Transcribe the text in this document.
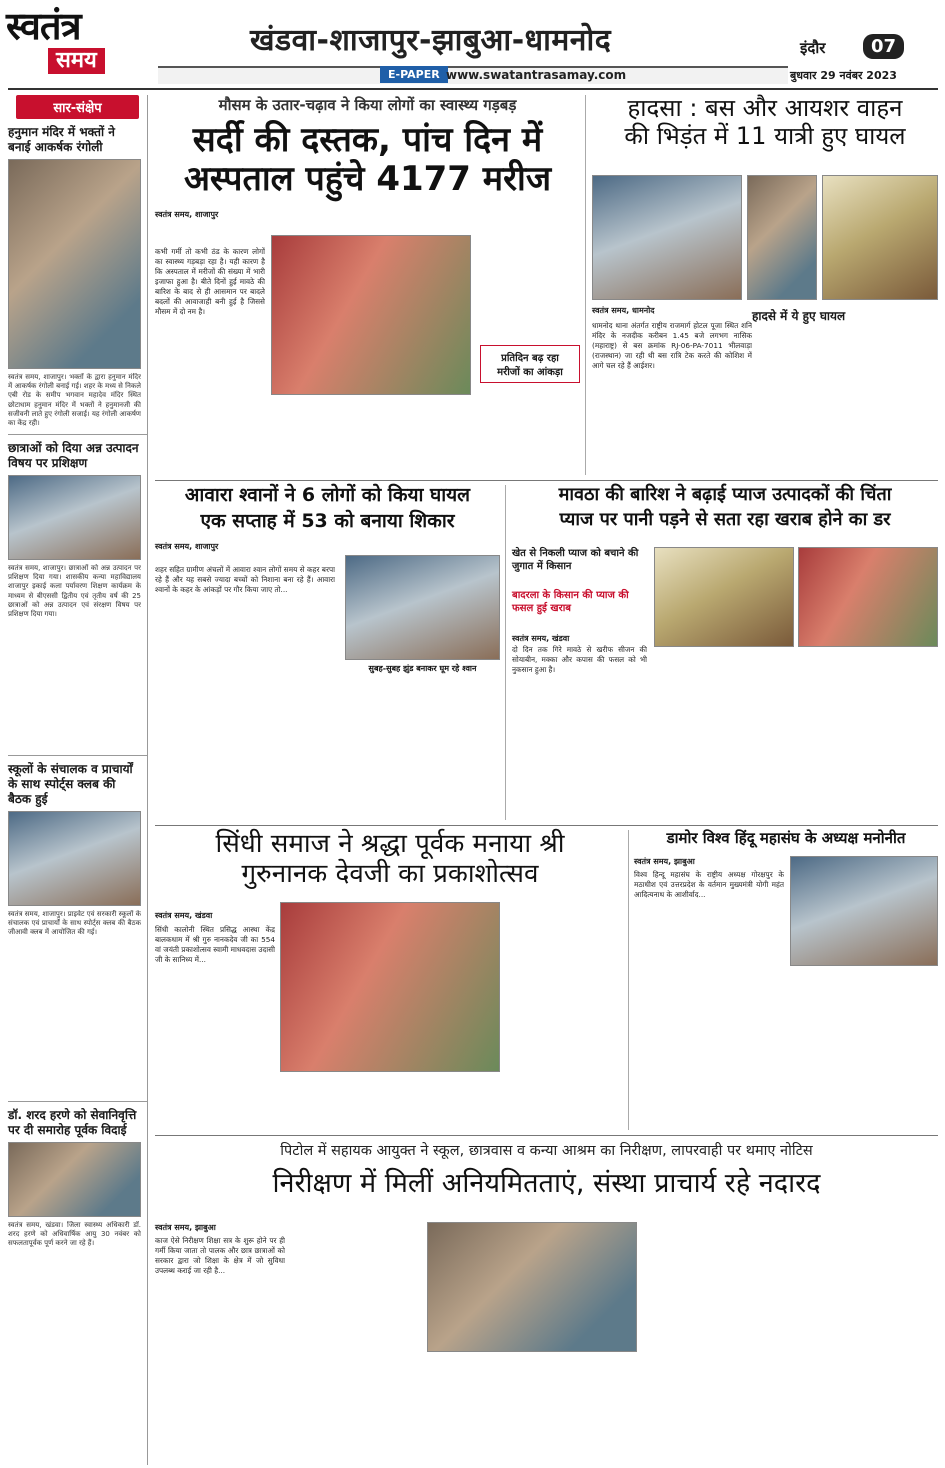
स्वतंत्र
समय
खंडवा-शाजापुर-झाबुआ-धामनोद
E-PAPER www.swatantrasamay.com
इंदौर	07
बुधवार 29 नवंबर 2023
सार-संक्षेप
हनुमान मंदिर में भक्तों ने बनाई आकर्षक रंगोली
स्वतंत्र समय, शाजापुर। भक्तों के द्वारा हनुमान मंदिर में आकर्षक रंगोली बनाई गई। शहर के मध्य से निकले एबी रोड के समीप भगवान महादेव मंदिर स्थित छोटाधाम हनुमान मंदिर में भक्तों ने हनुमानजी की सजीवनी लाते हुए रंगोली सजाई। यह रंगोली आकर्षण का केंद्र रही।
छात्राओं को दिया अन्न उत्पादन विषय पर प्रशिक्षण
स्वतंत्र समय, शाजापुर। छात्राओं को अन्न उत्पादन पर प्रशिक्षण दिया गया। शासकीय कन्या महाविद्यालय शाजापुर इकाई कला पर्यावरण शिक्षण कार्यक्रम के माध्यम से बीएससी द्वितीय एवं तृतीय वर्ष की 25 छात्राओं को अन्न उत्पादन एवं संरक्षण विषय पर प्रशिक्षण दिया गया।
स्कूलों के संचालक व प्राचार्यों के साथ स्पोर्ट्स क्लब की बैठक हुई
स्वतंत्र समय, शाजापुर। प्राइवेट एवं सरकारी स्कूलों के संचालक एवं प्राचार्यों के साथ स्पोर्ट्स क्लब की बैठक जीआवी क्लब में आयोजित की गई।
डॉ. शरद हरणे को सेवानिवृत्ति पर दी समारोह पूर्वक विदाई
स्वतंत्र समय, खंडवा। जिला स्वास्थ्य अधिकारी डॉ. शरद हरणे को अधिवार्षिक आयु 30 नवंबर को सफलतापूर्वक पूर्ण करने जा रहे हैं।
मौसम के उतार-चढ़ाव ने किया लोगों का स्वास्थ्य गड़बड़
सर्दी की दस्तक, पांच दिन में
अस्पताल पहुंचे 4177 मरीज
स्वतंत्र समय, शाजापुर
कभी गर्मी तो कभी ठंड के कारण लोगों का स्वास्थ्य गड़बड़ा रहा है। यही कारण है कि अस्पताल में मरीजों की संख्या में भारी इजाफा हुआ है। बीते दिनों हुई मावठे की बारिश के बाद से ही आसमान पर बादले बदलों की आवाजाही बनी हुई है जिससे मौसम में दो नम है।
प्रतिदिन बढ़ रहा
मरीजों का आंकड़ा
हादसा : बस और आयशर वाहन
की भिड़ंत में 11 यात्री हुए घायल
स्वतंत्र समय, धामनोद	हादसे में ये हुए घायल
धामनोद थाना अंतर्गत राष्ट्रीय राजमार्ग होटल पूजा स्थित शनि मंदिर के नजदीक करीबन 1.45 बजे लगभग नासिक (महाराष्ट्र) से बस क्रमांक RJ-06-PA-7011 भीलवाड़ा (राजस्थान) जा रही थी बस रात्रि टेक करते की कोशिश में आगे चल रहे हैं आईशर।
आवारा श्वानों ने 6 लोगों को किया घायल
एक सप्ताह में 53 को बनाया शिकार
स्वतंत्र समय, शाजापुर
शहर सहित ग्रामीण अंचलों में आवारा श्वान लोगों समय से कहर बरपा रहे हैं और यह सबसे ज्यादा बच्चों को निशाना बना रहे हैं। आवारा श्वानों के कहर के आंकड़ों पर गौर किया जाए तो...
सुबह-सुबह झुंड बनाकर घूम रहे श्वान
मावठा की बारिश ने बढ़ाई प्याज उत्पादकों की चिंता
प्याज पर पानी पड़ने से सता रहा खराब होने का डर
खेत से निकली प्याज को बचाने की जुगात में किसान
बादरला के किसान की प्याज की फसल हुई खराब
स्वतंत्र समय, खंडवा
दो दिन तक गिरे मावठे से खरीफ सीजन की सोयाबीन, मक्का और कपास की फसल को भी नुकसान हुआ है।
सिंधी समाज ने श्रद्धा पूर्वक मनाया श्री
गुरुनानक देवजी का प्रकाशोत्सव
स्वतंत्र समय, खंडवा
सिंधी कालोनी स्थित प्रसिद्ध आस्था केंद्र बालकधाम में श्री गुरु नानकदेव जी का 554 वां जयंती प्रकाशोत्सव स्वामी माधवदास उदासी जी के सानिध्य में...
डामोर विश्व हिंदू महासंघ के अध्यक्ष मनोनीत
स्वतंत्र समय, झाबुआ
विश्व हिन्दू महासंघ के राष्ट्रीय अध्यक्ष गोरक्षपुर के मठाधीश एवं उत्तरप्रदेश के वर्तमान मुख्यमंत्री योगी महंत आदित्यनाथ के आशीर्वाद...
पिटोल में सहायक आयुक्त ने स्कूल, छात्रवास व कन्या आश्रम का निरीक्षण, लापरवाही पर थमाए नोटिस
निरीक्षण में मिलीं अनियमितताएं, संस्था प्राचार्य रहे नदारद
स्वतंत्र समय, झाबुआ
काज ऐसे निरीक्षण शिक्षा सत्र के शुरू होने पर ही गर्मी किया जाता तो पालक और छात्र छात्राओं को सरकार द्वारा जो शिक्षा के क्षेत्र में जो सुविधा उपलब्ध कराई जा रही है...
